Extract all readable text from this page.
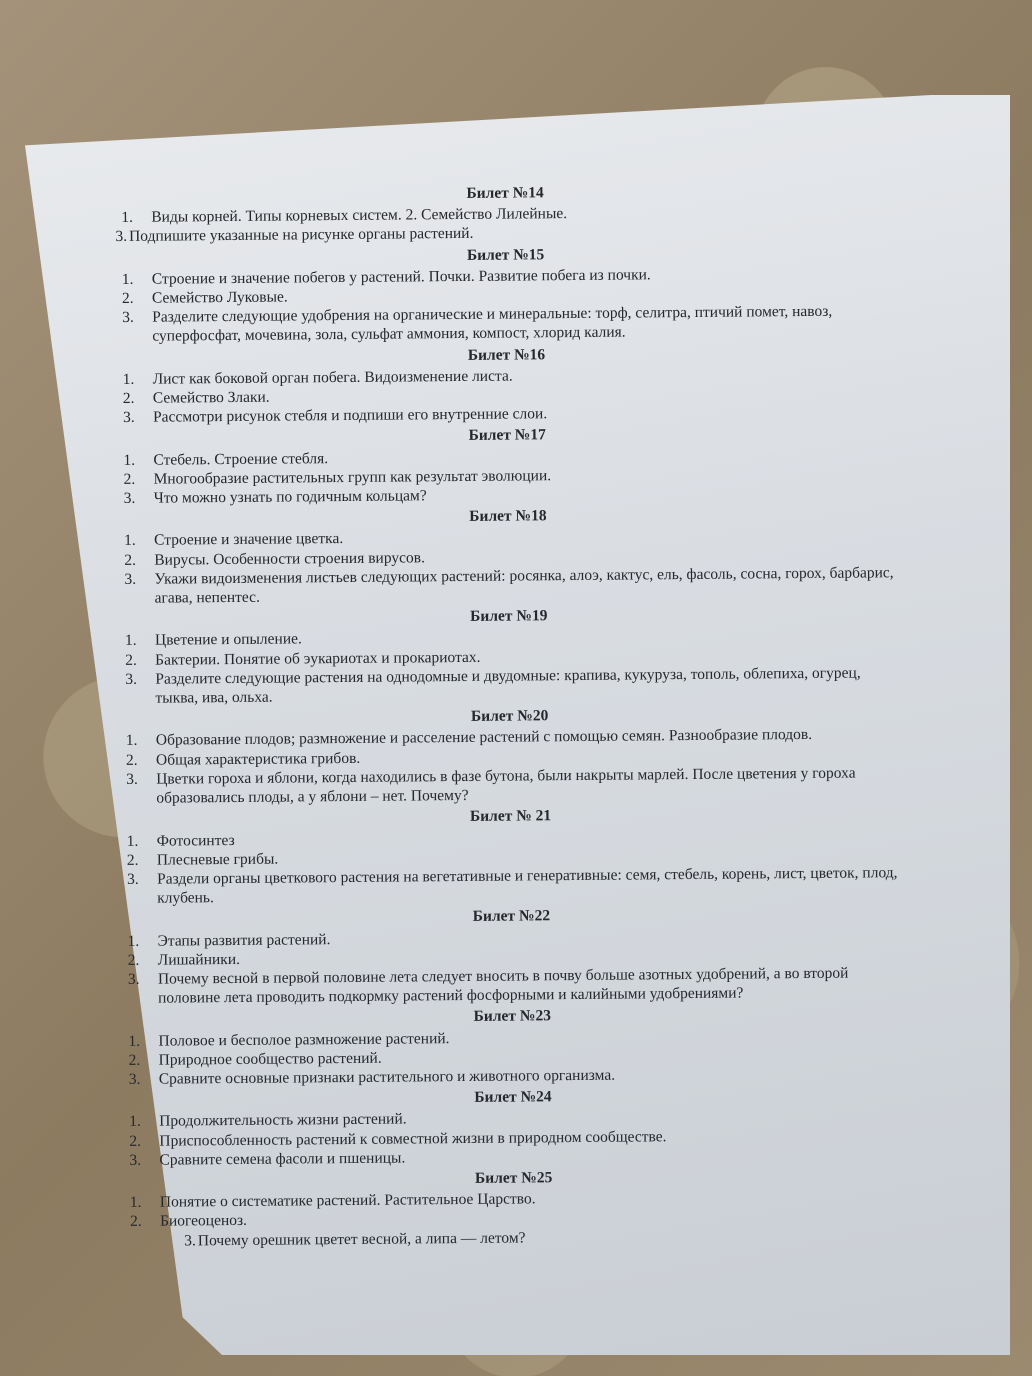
Билет №14
1.	Виды корней. Типы корневых систем. 2. Семейство Лилейные.
3. Подпишите указанные на рисунке органы растений.
Билет №15
1.	Строение и значение побегов у растений. Почки. Развитие побега из почки.
2.	Семейство Луковые.
3.	Разделите следующие удобрения на органические и минеральные: торф, селитра, птичий помет, навоз, суперфосфат, мочевина, зола, сульфат аммония, компост, хлорид калия.
Билет №16
1.	Лист как боковой орган побега. Видоизменение листа.
2.	Семейство Злаки.
3.	Рассмотри рисунок стебля и подпиши его внутренние слои.
Билет №17
1.	Стебель. Строение стебля.
2.	Многообразие растительных групп как результат эволюции.
3.	Что можно узнать по годичным кольцам?
Билет №18
1.	Строение и значение цветка.
2.	Вирусы. Особенности строения вирусов.
3.	Укажи видоизменения листьев следующих растений: росянка, алоэ, кактус, ель, фасоль, сосна, горох, барбарис, агава, непентес.
Билет №19
1.	Цветение и опыление.
2.	Бактерии. Понятие об эукариотах и прокариотах.
3.	Разделите следующие растения на однодомные и двудомные: крапива, кукуруза, тополь, облепиха, огурец, тыква, ива, ольха.
Билет №20
1.	Образование плодов; размножение и расселение растений с помощью семян. Разнообразие плодов.
2.	Общая характеристика грибов.
3.	Цветки гороха и яблони, когда находились в фазе бутона, были накрыты марлей. После цветения у гороха образовались плоды, а у яблони – нет. Почему?
Билет № 21
1.	Фотосинтез
2.	Плесневые грибы.
3.	Раздели органы цветкового растения на вегетативные и генеративные: семя, стебель, корень, лист, цветок, плод, клубень.
Билет №22
1.	Этапы развития растений.
2.	Лишайники.
3.	Почему весной в первой половине лета следует вносить в почву больше азотных удобрений, а во второй половине лета проводить подкормку растений фосфорными и калийными удобрениями?
Билет №23
1.	Половое и бесполое размножение растений.
2.	Природное сообщество растений.
3.	Сравните основные признаки растительного и животного организма.
Билет №24
1.	Продолжительность жизни растений.
2.	Приспособленность растений к совместной жизни в природном сообществе.
3.	Сравните семена фасоли и пшеницы.
Билет №25
1.	Понятие о систематике растений. Растительное Царство.
2.	Биогеоценоз.
3. Почему орешник цветет весной, а липа — летом?
